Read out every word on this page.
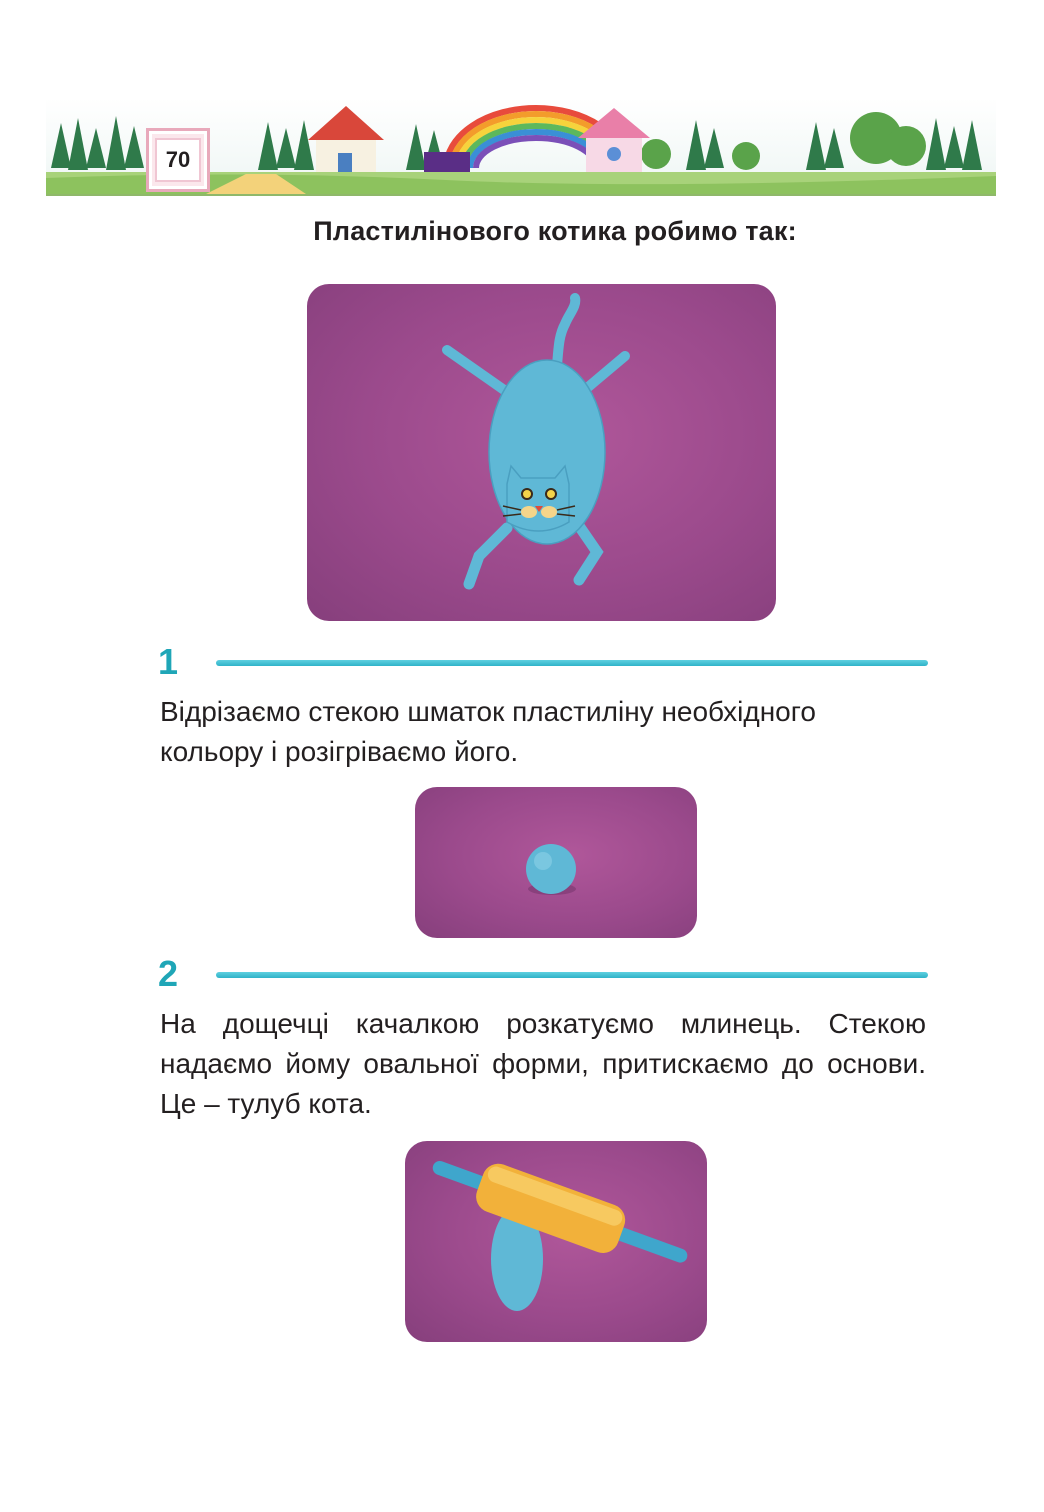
70
Пластилінового котика робимо так:
1
Відрізаємо стекою шматок пластиліну необхідного кольору і розігріваємо його.
2
На дощечці качалкою розкатуємо млинець. Стекою надаємо йому овальної форми, притискаємо до основи. Це – тулуб кота.
